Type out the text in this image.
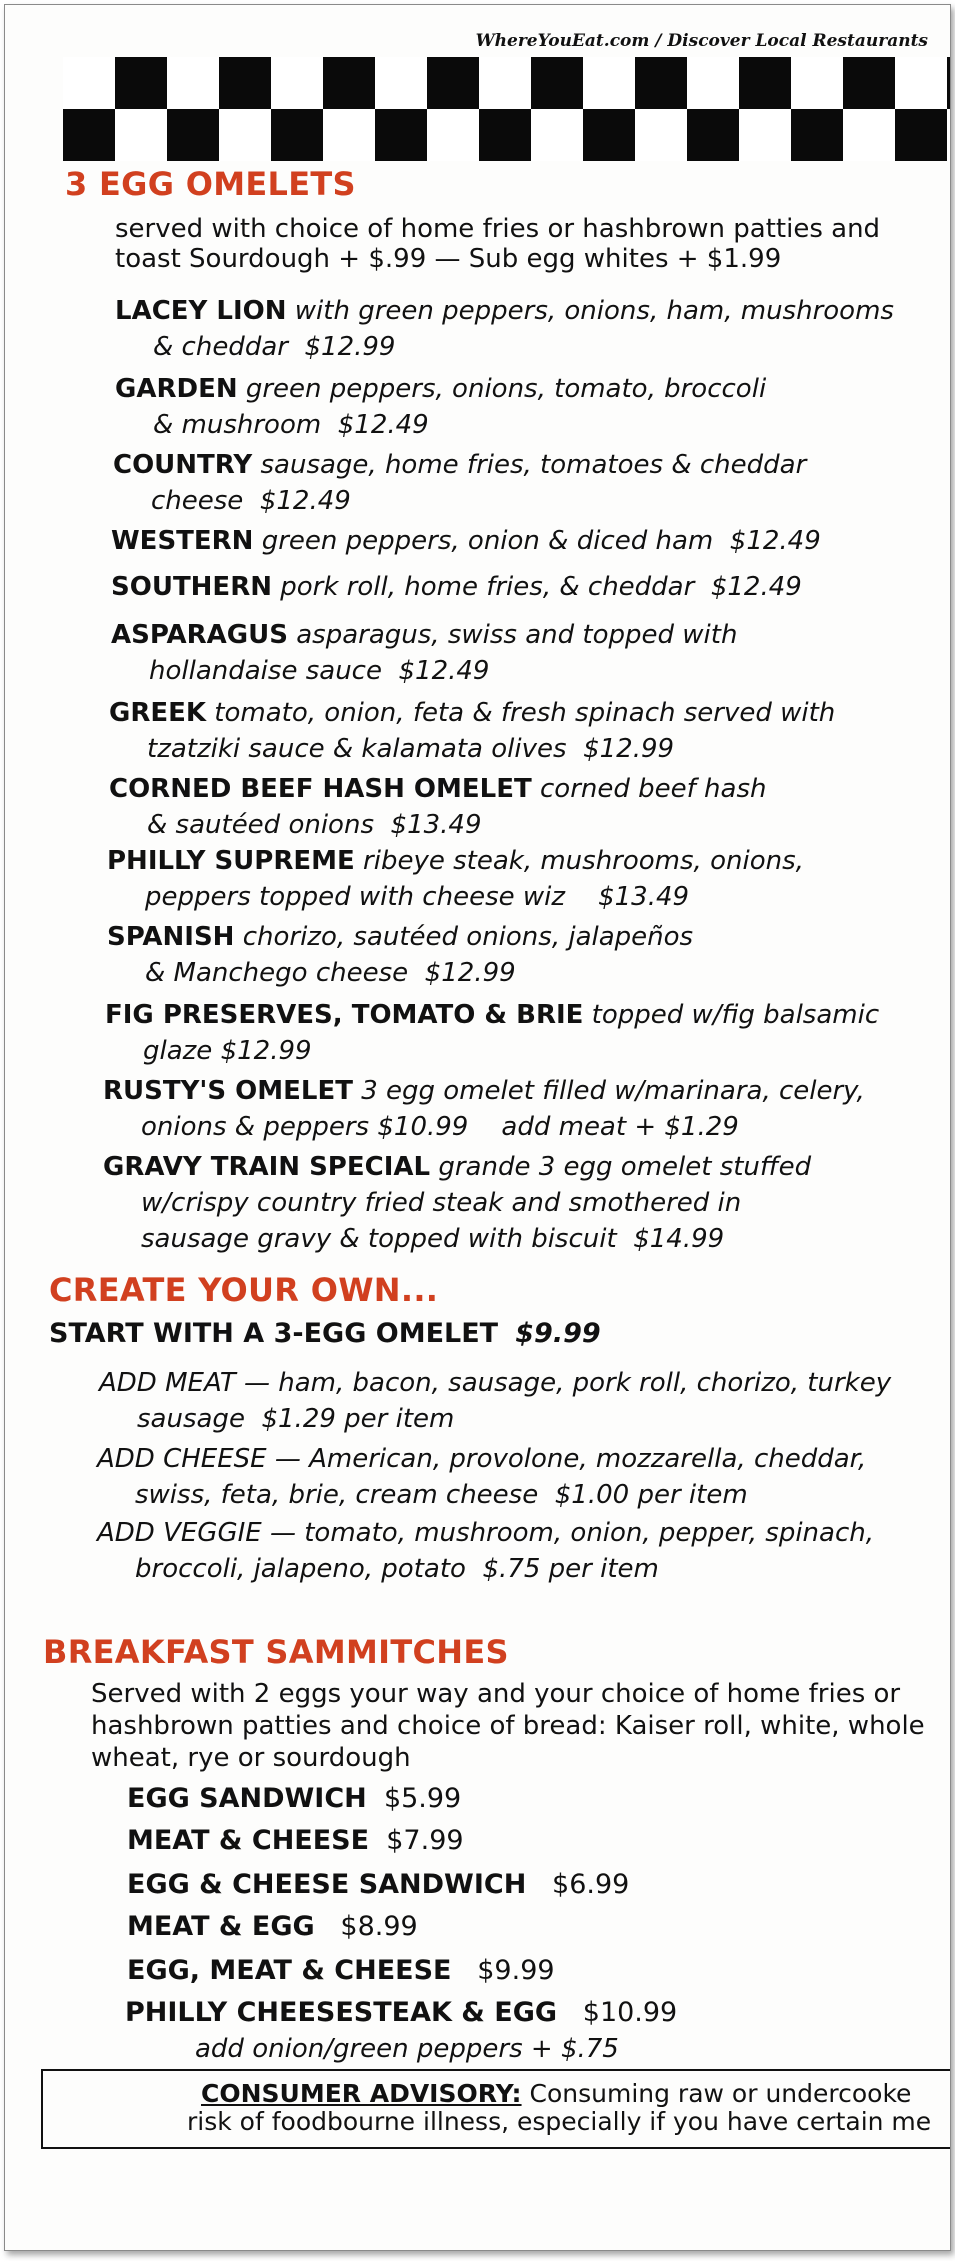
WhereYouEat.com / Discover Local Restaurants
3 EGG OMELETS
served with choice of home fries or hashbrown patties and
toast Sourdough + $.99 — Sub egg whites + $1.99
LACEY LION with green peppers, onions, ham, mushrooms
& cheddar $12.99
GARDEN green peppers, onions, tomato, broccoli
& mushroom $12.49
COUNTRY sausage, home fries, tomatoes & cheddar
cheese $12.49
WESTERN green peppers, onion & diced ham $12.49
SOUTHERN pork roll, home fries, & cheddar $12.49
ASPARAGUS asparagus, swiss and topped with
hollandaise sauce $12.49
GREEK tomato, onion, feta & fresh spinach served with
tzatziki sauce & kalamata olives $12.99
CORNED BEEF HASH OMELET corned beef hash
& sautéed onions $13.49
PHILLY SUPREME ribeye steak, mushrooms, onions,
peppers topped with cheese wiz $13.49
SPANISH chorizo, sautéed onions, jalapeños
& Manchego cheese $12.99
FIG PRESERVES, TOMATO & BRIE topped w/fig balsamic
glaze $12.99
RUSTY'S OMELET 3 egg omelet filled w/marinara, celery,
onions & peppers $10.99 add meat + $1.29
GRAVY TRAIN SPECIAL grande 3 egg omelet stuffed
w/crispy country fried steak and smothered in
sausage gravy & topped with biscuit $14.99
CREATE YOUR OWN...
START WITH A 3-EGG OMELET $9.99
ADD MEAT — ham, bacon, sausage, pork roll, chorizo, turkey
sausage $1.29 per item
ADD CHEESE — American, provolone, mozzarella, cheddar,
swiss, feta, brie, cream cheese $1.00 per item
ADD VEGGIE — tomato, mushroom, onion, pepper, spinach,
broccoli, jalapeno, potato $.75 per item
BREAKFAST SAMMITCHES
Served with 2 eggs your way and your choice of home fries or
hashbrown patties and choice of bread: Kaiser roll, white, whole
wheat, rye or sourdough
EGG SANDWICH $5.99
MEAT & CHEESE $7.99
EGG & CHEESE SANDWICH $6.99
MEAT & EGG $8.99
EGG, MEAT & CHEESE $9.99
PHILLY CHEESESTEAK & EGG $10.99
add onion/green peppers + $.75
CONSUMER ADVISORY: Consuming raw or undercooke
risk of foodbourne illness, especially if you have certain me
